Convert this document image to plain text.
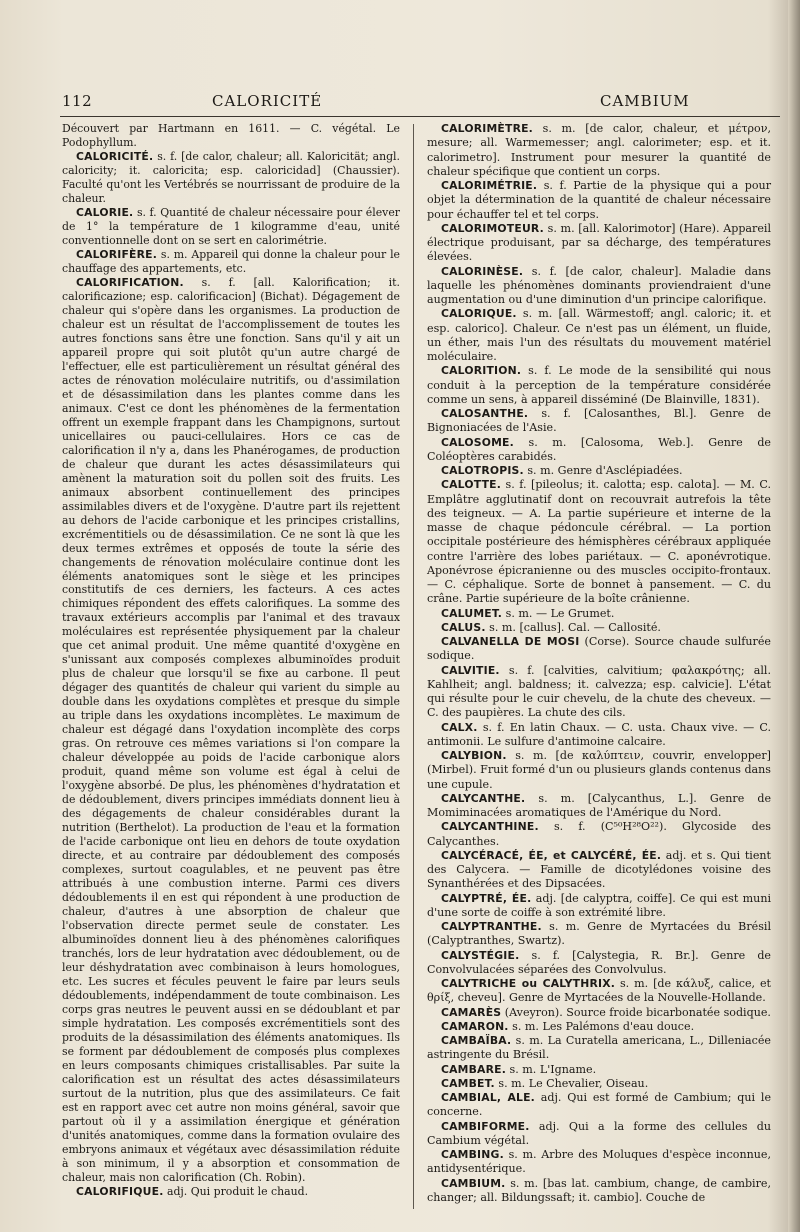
112	CALORICITÉ	CAMBIUM

Découvert par Hartmann en 1611. — C. végétal. Le Podophyllum.

CALORICITÉ. s. f. [de calor, chaleur; all. Kaloricität; angl. caloricity; it. caloricita; esp. caloricidad] (Chaussier). Faculté qu'ont les Vertébrés se nourrissant de produire de la chaleur.

CALORIE. s. f. Quantité de chaleur nécessaire pour élever de 1° la température de 1 kilogramme d'eau, unité conventionnelle dont on se sert en calorimétrie.

CALORIFÈRE. s. m. Appareil qui donne la chaleur pour le chauffage des appartements, etc.

CALORIFICATION. s. f. [all. Kalorification; it. calorificazione; esp. calorificacion] (Bichat). Dégagement de chaleur qui s'opère dans les organismes. La production de chaleur est un résultat de l'accomplissement de toutes les autres fonctions sans être une fonction. Sans qu'il y ait un appareil propre qui soit plutôt qu'un autre chargé de l'effectuer, elle est particulièrement un résultat général des actes de rénovation moléculaire nutritifs, ou d'assimilation et de désassimilation dans les plantes comme dans les animaux. C'est ce dont les phénomènes de la fermentation offrent un exemple frappant dans les Champignons, surtout unicellaires ou pauci-cellulaires. Hors ce cas de calorification il n'y a, dans les Phanérogames, de production de chaleur que durant les actes désassimilateurs qui amènent la maturation soit du pollen soit des fruits. Les animaux absorbent continuellement des principes assimilables divers et de l'oxygène. D'autre part ils rejettent au dehors de l'acide carbonique et les principes cristallins, excrémentitiels ou de désassimilation. Ce ne sont là que les deux termes extrêmes et opposés de toute la série des changements de rénovation moléculaire continue dont les éléments anatomiques sont le siège et les principes constitutifs de ces derniers, les facteurs. A ces actes chimiques répondent des effets calorifiques. La somme des travaux extérieurs accomplis par l'animal et des travaux moléculaires est représentée physiquement par la chaleur que cet animal produit. Une même quantité d'oxygène en s'unissant aux composés complexes albuminoïdes produit plus de chaleur que lorsqu'il se fixe au carbone. Il peut dégager des quantités de chaleur qui varient du simple au double dans les oxydations complètes et presque du simple au triple dans les oxydations incomplètes. Le maximum de chaleur est dégagé dans l'oxydation incomplète des corps gras. On retrouve ces mêmes variations si l'on compare la chaleur développée au poids de l'acide carbonique alors produit, quand même son volume est égal à celui de l'oxygène absorbé. De plus, les phénomènes d'hydratation et de dédoublement, divers principes immédiats donnent lieu à des dégagements de chaleur considérables durant la nutrition (Berthelot). La production de l'eau et la formation de l'acide carbonique ont lieu en dehors de toute oxydation directe, et au contraire par dédoublement des composés complexes, surtout coagulables, et ne peuvent pas être attribués à une combustion interne. Parmi ces divers dédoublements il en est qui répondent à une production de chaleur, d'autres à une absorption de chaleur que l'observation directe permet seule de constater. Les albuminoïdes donnent lieu à des phénomènes calorifiques tranchés, lors de leur hydratation avec dédoublement, ou de leur déshydratation avec combinaison à leurs homologues, etc. Les sucres et fécules peuvent le faire par leurs seuls dédoublements, indépendamment de toute combinaison. Les corps gras neutres le peuvent aussi en se dédoublant et par simple hydratation. Les composés excrémentitiels sont des produits de la désassimilation des éléments anatomiques. Ils se forment par dédoublement de composés plus complexes en leurs composants chimiques cristallisables. Par suite la calorification est un résultat des actes désassimilateurs surtout de la nutrition, plus que des assimilateurs. Ce fait est en rapport avec cet autre non moins général, savoir que partout où il y a assimilation énergique et génération d'unités anatomiques, comme dans la formation ovulaire des embryons animaux et végétaux avec désassimilation réduite à son minimum, il y a absorption et consommation de chaleur, mais non calorification (Ch. Robin).

CALORIFIQUE. adj. Qui produit le chaud.

CALORIMÈTRE. s. m. [de calor, chaleur, et μέτρον, mesure; all. Warmemesser; angl. calorimeter; esp. et it. calorimetro]. Instrument pour mesurer la quantité de chaleur spécifique que contient un corps.

CALORIMÉTRIE. s. f. Partie de la physique qui a pour objet la détermination de la quantité de chaleur nécessaire pour échauffer tel et tel corps.

CALORIMOTEUR. s. m. [all. Kalorimotor] (Hare). Appareil électrique produisant, par sa décharge, des températures élevées.

CALORINÈSE. s. f. [de calor, chaleur]. Maladie dans laquelle les phénomènes dominants proviendraient d'une augmentation ou d'une diminution d'un principe calorifique.

CALORIQUE. s. m. [all. Wärmestoff; angl. caloric; it. et esp. calorico]. Chaleur. Ce n'est pas un élément, un fluide, un éther, mais l'un des résultats du mouvement matériel moléculaire.

CALORITION. s. f. Le mode de la sensibilité qui nous conduit à la perception de la température considérée comme un sens, à appareil disséminé (De Blainville, 1831).

CALOSANTHE. s. f. [Calosanthes, Bl.]. Genre de Bignoniacées de l'Asie.

CALOSOME. s. m. [Calosoma, Web.]. Genre de Coléoptères carabidés.

CALOTROPIS. s. m. Genre d'Asclépiadées.

CALOTTE. s. f. [pileolus; it. calotta; esp. calota]. — M. C. Emplâtre agglutinatif dont on recouvrait autrefois la tête des teigneux. — A. La partie supérieure et interne de la masse de chaque pédoncule cérébral. — La portion occipitale postérieure des hémisphères cérébraux appliquée contre l'arrière des lobes pariétaux. — C. aponévrotique. Aponévrose épicranienne ou des muscles occipito-frontaux. — C. céphalique. Sorte de bonnet à pansement. — C. du crâne. Partie supérieure de la boîte crânienne.

CALUMET. s. m. — Le Grumet.

CALUS. s. m. [callus]. Cal. — Callosité.

CALVANELLA DE MOSI (Corse). Source chaude sulfurée sodique.

CALVITIE. s. f. [calvities, calvitium; φαλακρότης; all. Kahlheit; angl. baldness; it. calvezza; esp. calvicie]. L'état qui résulte pour le cuir chevelu, de la chute des cheveux. — C. des paupières. La chute des cils.

CALX. s. f. En latin Chaux. — C. usta. Chaux vive. — C. antimonii. Le sulfure d'antimoine calcaire.

CALYBION. s. m. [de καλύπτειν, couvrir, envelopper] (Mirbel). Fruit formé d'un ou plusieurs glands contenus dans une cupule.

CALYCANTHE. s. m. [Calycanthus, L.]. Genre de Momiminacées aromatiques de l'Amérique du Nord.

CALYCANTHINE. s. f. (C⁵⁰H²⁸O²²). Glycoside des Calycanthes.

CALYCÉRACÉ, ÉE, et CALYCÉRÉ, ÉE. adj. et s. Qui tient des Calycera. — Famille de dicotylédones voisine des Synanthérées et des Dipsacées.

CALYPTRÉ, ÉE. adj. [de calyptra, coiffe]. Ce qui est muni d'une sorte de coiffe à son extrémité libre.

CALYPTRANTHE. s. m. Genre de Myrtacées du Brésil (Calyptranthes, Swartz).

CALYSTÉGIE. s. f. [Calystegia, R. Br.]. Genre de Convolvulacées séparées des Convolvulus.

CALYTRICHE ou CALYTHRIX. s. m. [de κάλυξ, calice, et θρίξ, cheveu]. Genre de Myrtacées de la Nouvelle-Hollande.

CAMARÈS (Aveyron). Source froide bicarbonatée sodique.

CAMARON. s. m. Les Palémons d'eau douce.

CAMBAÏBA. s. m. La Curatella americana, L., Dilleniacée astringente du Brésil.

CAMBARE. s. m. L'Igname.

CAMBET. s. m. Le Chevalier, Oiseau.

CAMBIAL, ALE. adj. Qui est formé de Cambium; qui le concerne.

CAMBIFORME. adj. Qui a la forme des cellules du Cambium végétal.

CAMBING. s. m. Arbre des Moluques d'espèce inconnue, antidysentérique.

CAMBIUM. s. m. [bas lat. cambium, change, de cambire, changer; all. Bildungssaft; it. cambio]. Couche de
